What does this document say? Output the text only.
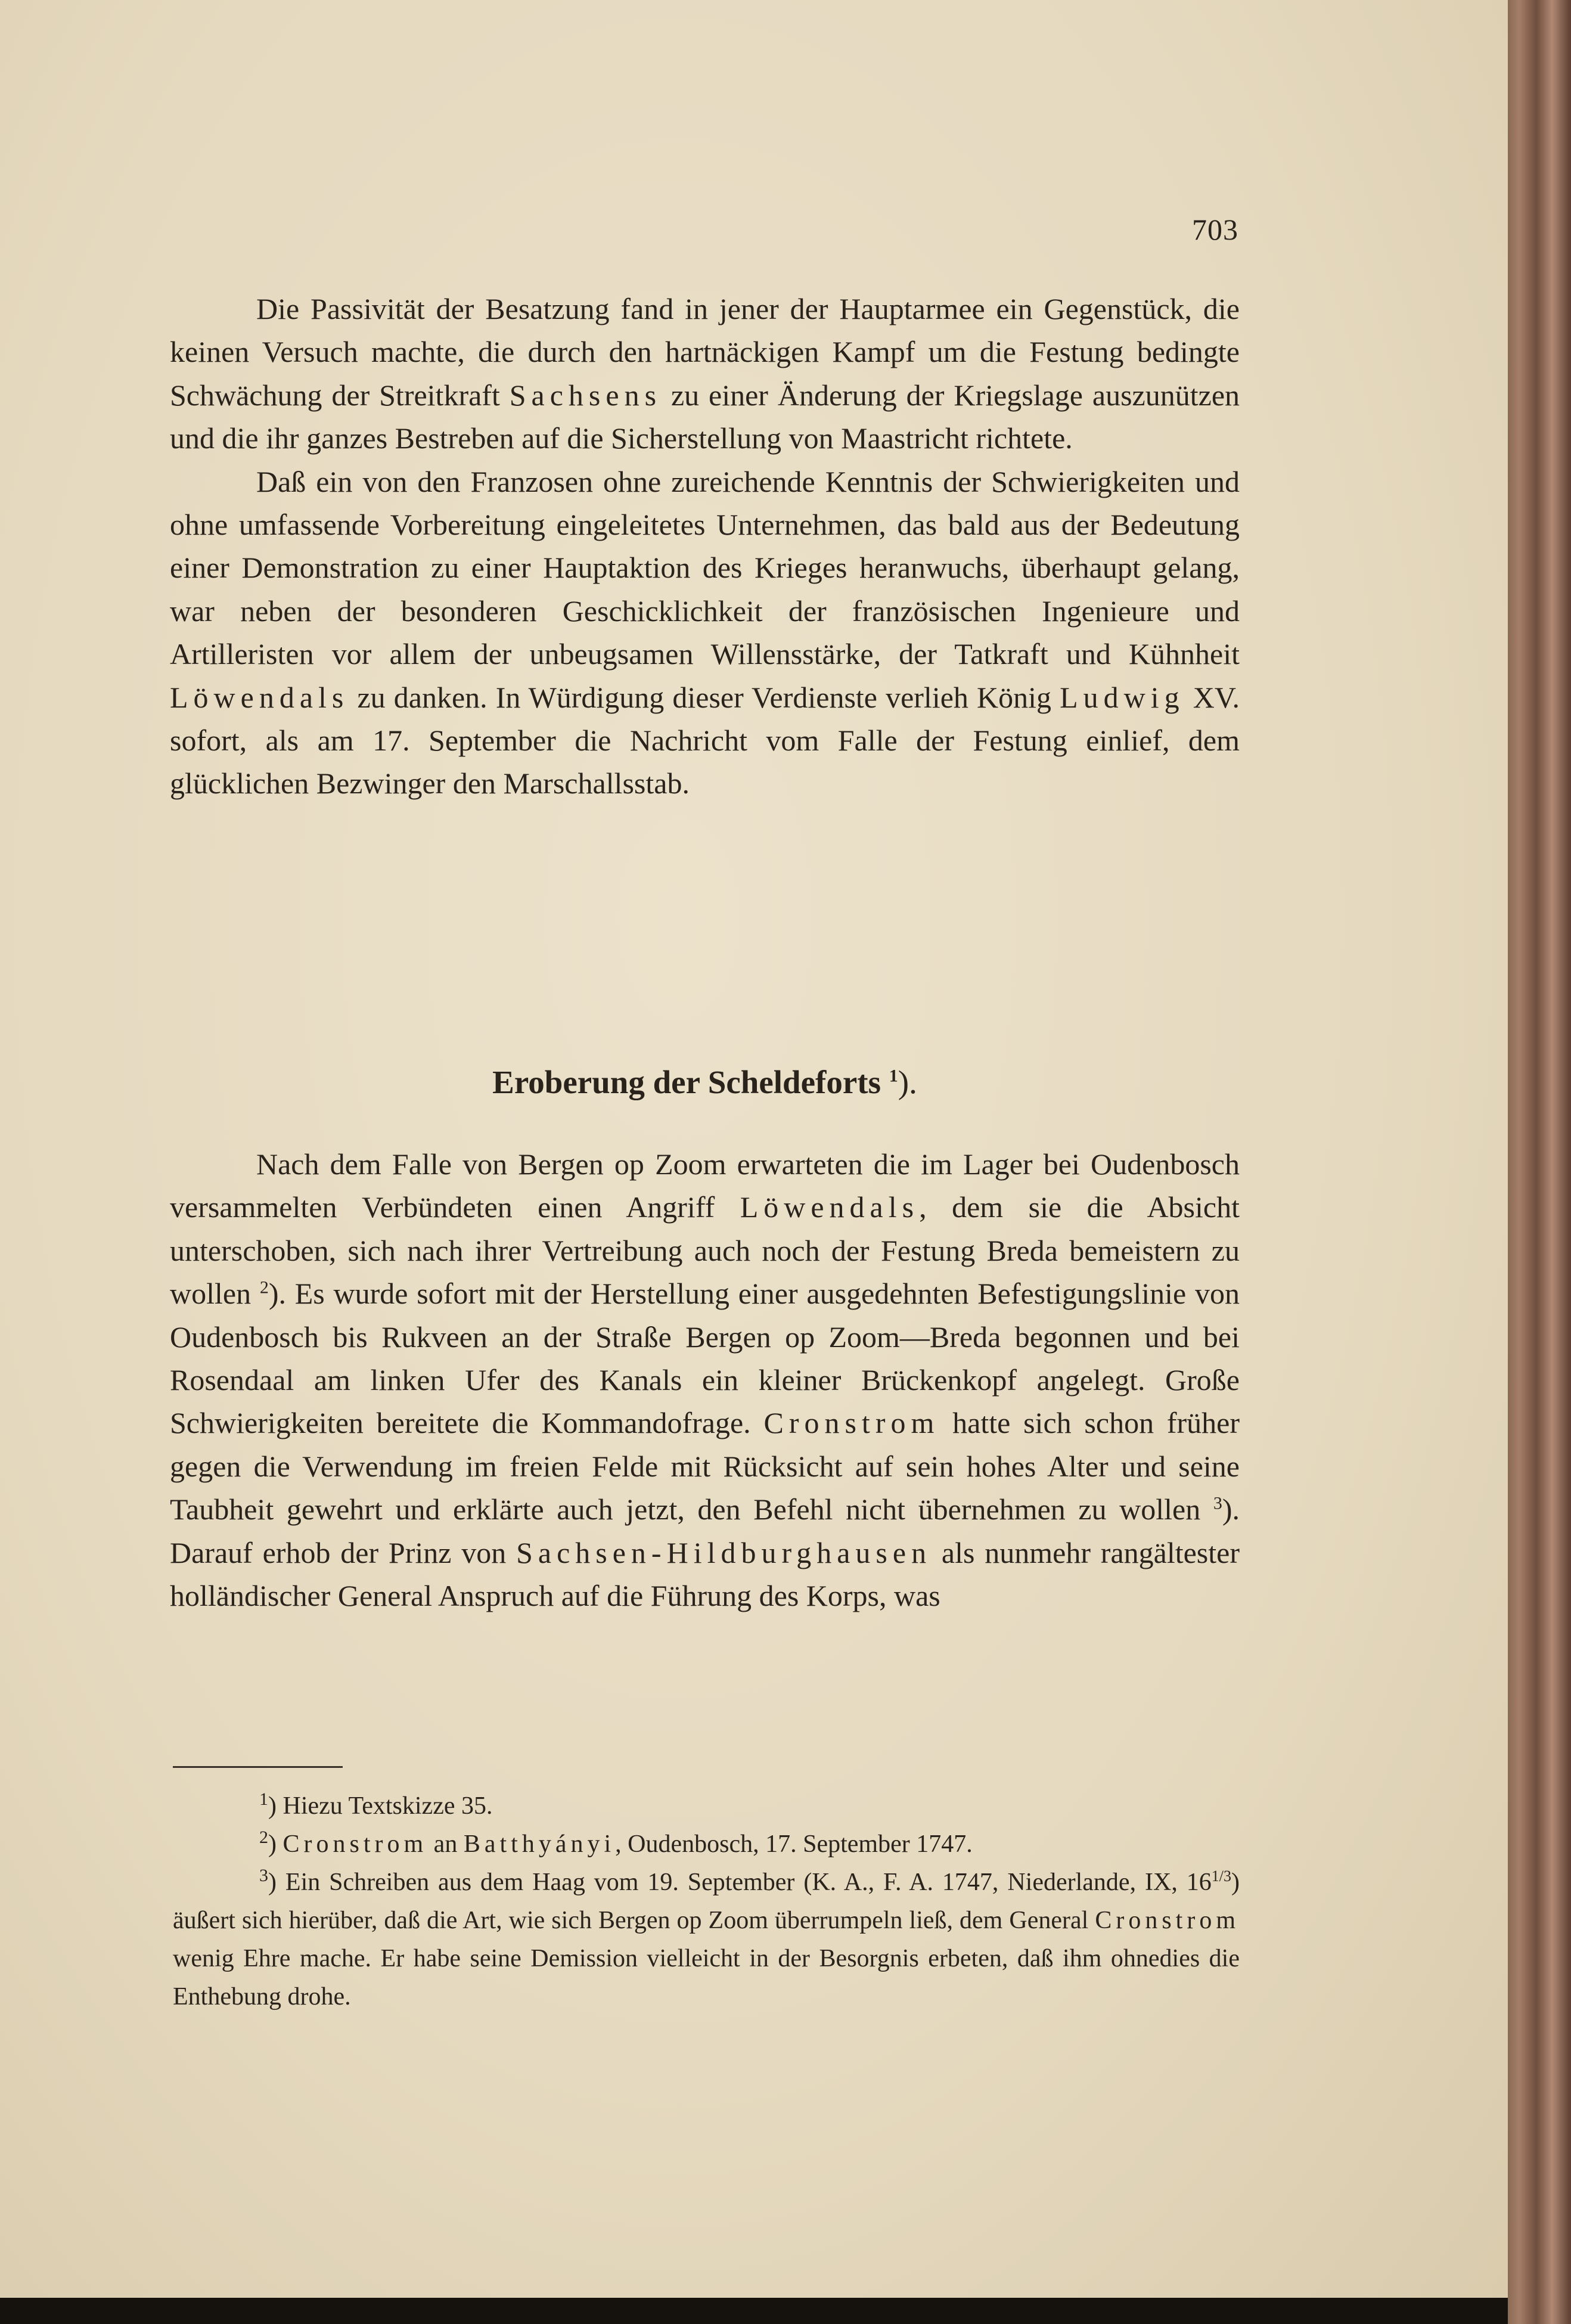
703

Die Passivität der Besatzung fand in jener der Hauptarmee ein Gegenstück, die keinen Versuch machte, die durch den hartnäckigen Kampf um die Festung bedingte Schwächung der Streitkraft Sachsens zu einer Änderung der Kriegslage auszunützen und die ihr ganzes Bestreben auf die Sicherstellung von Maastricht richtete.

Daß ein von den Franzosen ohne zureichende Kenntnis der Schwierigkeiten und ohne umfassende Vorbereitung eingeleitetes Unternehmen, das bald aus der Bedeutung einer Demonstration zu einer Hauptaktion des Krieges heranwuchs, überhaupt gelang, war neben der besonderen Geschicklichkeit der französischen Ingenieure und Artilleristen vor allem der unbeugsamen Willensstärke, der Tatkraft und Kühnheit Löwendals zu danken. In Würdigung dieser Verdienste verlieh König Ludwig XV. sofort, als am 17. September die Nachricht vom Falle der Festung einlief, dem glücklichen Bezwinger den Marschallsstab.

Eroberung der Scheldeforts $^1$).

Nach dem Falle von Bergen op Zoom erwarteten die im Lager bei Oudenbosch versammelten Verbündeten einen Angriff Löwendals, dem sie die Absicht unterschoben, sich nach ihrer Vertreibung auch noch der Festung Breda bemeistern zu wollen $^2$). Es wurde sofort mit der Herstellung einer ausgedehnten Befestigungslinie von Oudenbosch bis Rukveen an der Straße Bergen op Zoom—Breda begonnen und bei Rosendaal am linken Ufer des Kanals ein kleiner Brückenkopf angelegt. Große Schwierigkeiten bereitete die Kommandofrage. Cronstrom hatte sich schon früher gegen die Verwendung im freien Felde mit Rücksicht auf sein hohes Alter und seine Taubheit gewehrt und erklärte auch jetzt, den Befehl nicht übernehmen zu wollen $^3$). Darauf erhob der Prinz von Sachsen-Hildburghausen als nunmehr rangältester holländischer General Anspruch auf die Führung des Korps, was

$^1$) Hiezu Textskizze 35.

$^2$) Cronstrom an Batthyányi, Oudenbosch, 17. September 1747.

$^3$) Ein Schreiben aus dem Haag vom 19. September (K. A., F. A. 1747, Niederlande, IX, $16^{1/3}$) äußert sich hierüber, daß die Art, wie sich Bergen op Zoom überrumpeln ließ, dem General Cronstrom wenig Ehre mache. Er habe seine Demission vielleicht in der Besorgnis erbeten, daß ihm ohnedies die Enthebung drohe.
